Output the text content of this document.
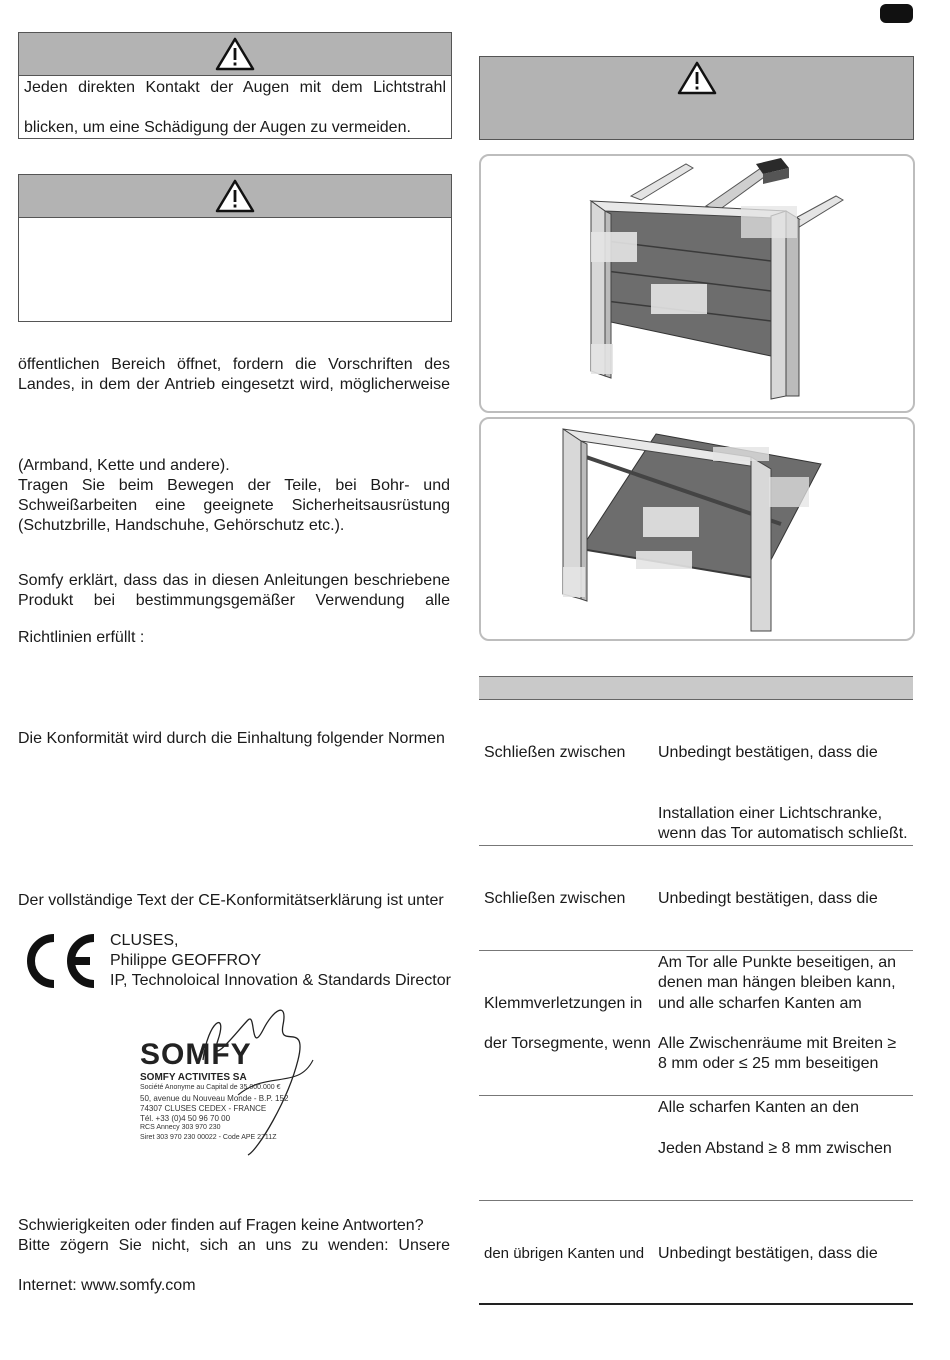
Jeden direkten Kontakt der Augen mit dem Lichtstrahl
blicken, um eine Schädigung der Augen zu vermeiden.
öffentlichen Bereich öffnet, fordern die Vorschriften des
Landes, in dem der Antrieb eingesetzt wird, möglicherweise
(Armband, Kette und andere).
Tragen Sie beim Bewegen der Teile, bei Bohr- und
Schweißarbeiten eine geeignete Sicherheitsausrüstung
(Schutzbrille, Handschuhe, Gehörschutz etc.).
Somfy erklärt, dass das in diesen Anleitungen beschriebene
Produkt bei bestimmungsgemäßer Verwendung alle
Richtlinien erfüllt :
Die Konformität wird durch die Einhaltung folgender Normen
Der vollständige Text der CE-Konformitätserklärung ist unter
CLUSES,
Philippe GEOFFROY
IP, Technoloical Innovation & Standards Director
SOMFY
SOMFY ACTIVITES SA
Société Anonyme au Capital de 35.000.000 €
50, avenue du Nouveau Monde - B.P. 152
74307 CLUSES CEDEX - FRANCE
Tél. +33 (0)4 50 96 70 00
RCS Annecy 303 970 230
Siret 303 970 230 00022 - Code APE 2711Z
Schwierigkeiten oder finden auf Fragen keine Antworten?
Bitte zögern Sie nicht, sich an uns zu wenden: Unsere
Internet: www.somfy.com
Schließen zwischen Unbedingt bestätigen, dass die
Installation einer Lichtschranke,
wenn das Tor automatisch schließt.
Schließen zwischen Unbedingt bestätigen, dass die
Am Tor alle Punkte beseitigen, an
denen man hängen bleiben kann,
Klemmverletzungen in und alle scharfen Kanten am
der Torsegmente, wenn Alle Zwischenräume mit Breiten ≥
8 mm oder ≤ 25 mm beseitigen
Alle scharfen Kanten an den
Jeden Abstand ≥ 8 mm zwischen
den übrigen Kanten und Unbedingt bestätigen, dass die
